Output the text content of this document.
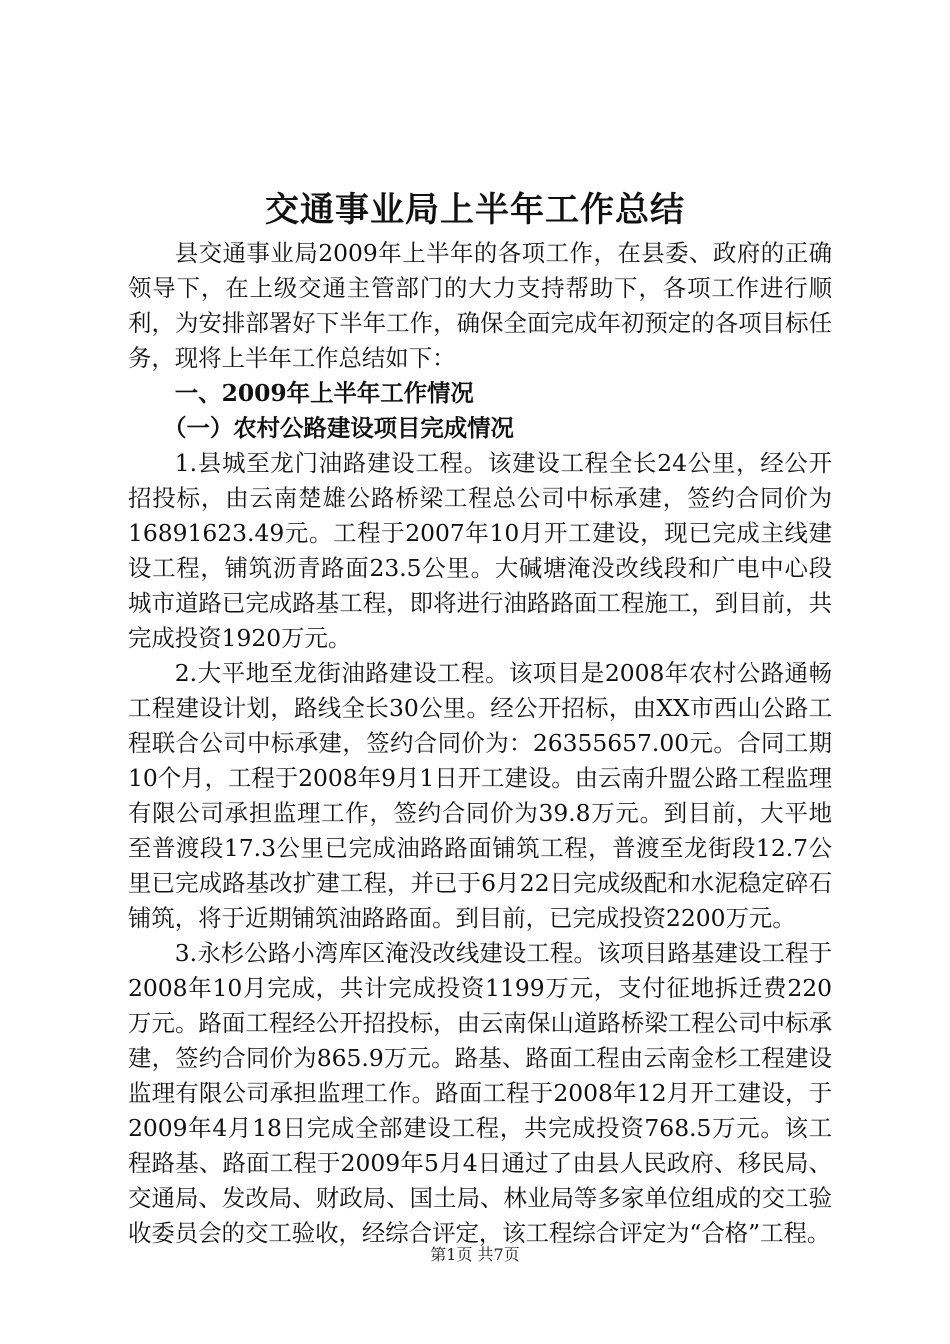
交通事业局上半年工作总结

县交通事业局2009年上半年的各项工作，在县委、政府的正确领导下，在上级交通主管部门的大力支持帮助下，各项工作进行顺利，为安排部署好下半年工作，确保全面完成年初预定的各项目标任务，现将上半年工作总结如下：

一、2009年上半年工作情况

（一）农村公路建设项目完成情况

1.县城至龙门油路建设工程。该建设工程全长24公里，经公开招投标，由云南楚雄公路桥梁工程总公司中标承建，签约合同价为16891623.49元。工程于2007年10月开工建设，现已完成主线建设工程，铺筑沥青路面23.5公里。大碱塘淹没改线段和广电中心段城市道路已完成路基工程，即将进行油路路面工程施工，到目前，共完成投资1920万元。

2.大平地至龙街油路建设工程。该项目是2008年农村公路通畅工程建设计划，路线全长30公里。经公开招标，由XX市西山公路工程联合公司中标承建，签约合同价为：26355657.00元。合同工期10个月，工程于2008年9月1日开工建设。由云南升盟公路工程监理有限公司承担监理工作，签约合同价为39.8万元。到目前，大平地至普渡段17.3公里已完成油路路面铺筑工程，普渡至龙街段12.7公里已完成路基改扩建工程，并已于6月22日完成级配和水泥稳定碎石铺筑，将于近期铺筑油路路面。到目前，已完成投资2200万元。

3.永杉公路小湾库区淹没改线建设工程。该项目路基建设工程于2008年10月完成，共计完成投资1199万元，支付征地拆迁费220万元。路面工程经公开招投标，由云南保山道路桥梁工程公司中标承建，签约合同价为865.9万元。路基、路面工程由云南金杉工程建设监理有限公司承担监理工作。路面工程于2008年12月开工建设，于2009年4月18日完成全部建设工程，共完成投资768.5万元。该工程路基、路面工程于2009年5月4日通过了由县人民政府、移民局、交通局、发改局、财政局、国土局、林业局等多家单位组成的交工验收委员会的交工验收，经综合评定，该工程综合评定为“合格”工程。

第1页 共7页
